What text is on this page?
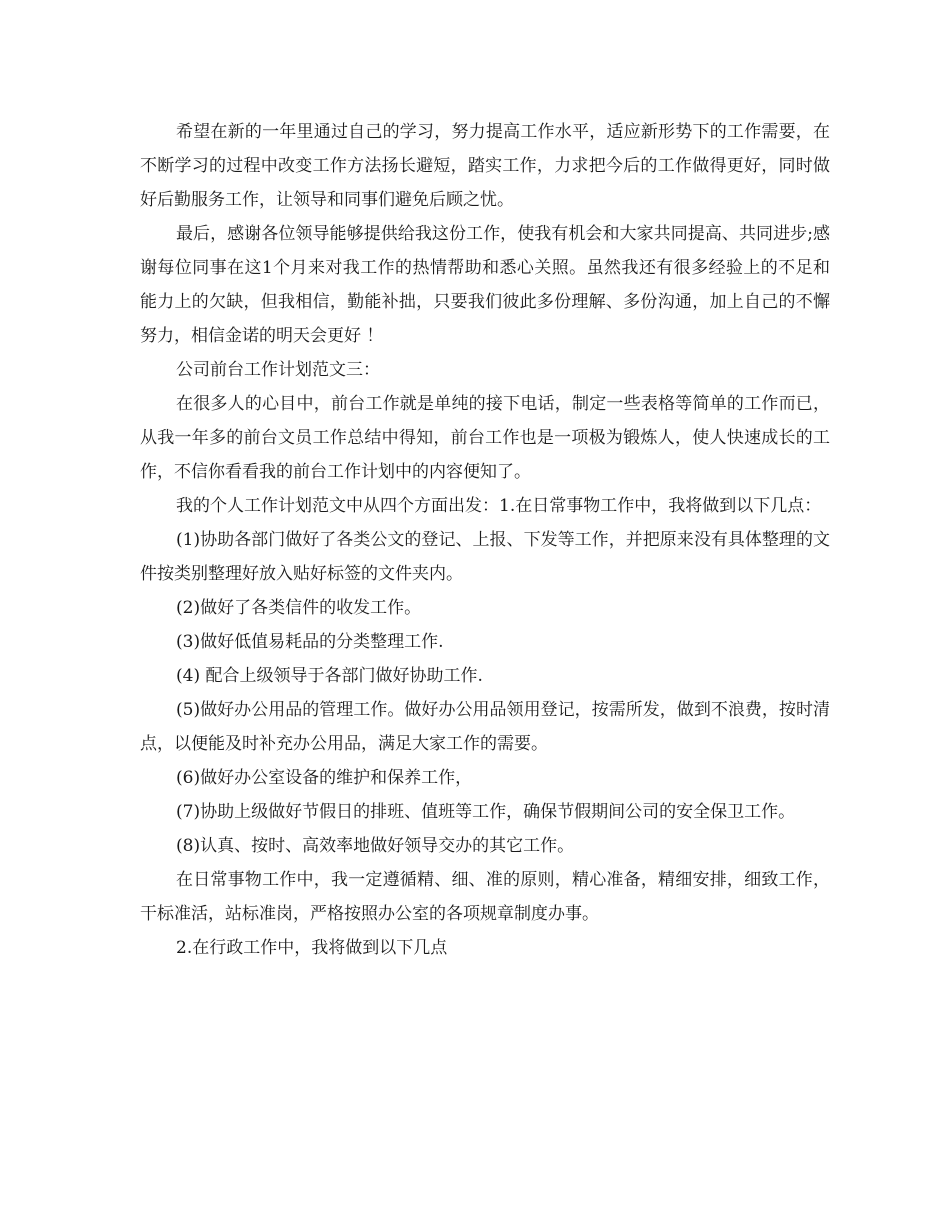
希望在新的一年里通过自己的学习，努力提高工作水平，适应新形势下的工作需要，在不断学习的过程中改变工作方法扬长避短，踏实工作，力求把今后的工作做得更好，同时做好后勤服务工作，让领导和同事们避免后顾之忧。

最后，感谢各位领导能够提供给我这份工作，使我有机会和大家共同提高、共同进步;感谢每位同事在这1个月来对我工作的热情帮助和悉心关照。虽然我还有很多经验上的不足和能力上的欠缺，但我相信，勤能补拙，只要我们彼此多份理解、多份沟通，加上自己的不懈努力，相信金诺的明天会更好 ！

公司前台工作计划范文三：

在很多人的心目中，前台工作就是单纯的接下电话，制定一些表格等简单的工作而已，从我一年多的前台文员工作总结中得知，前台工作也是一项极为锻炼人，使人快速成长的工作，不信你看看我的前台工作计划中的内容便知了。

我的个人工作计划范文中从四个方面出发：1.在日常事物工作中，我将做到以下几点：

(1)协助各部门做好了各类公文的登记、上报、下发等工作，并把原来没有具体整理的文件按类别整理好放入贴好标签的文件夹内。

(2)做好了各类信件的收发工作。

(3)做好低值易耗品的分类整理工作.

(4) 配合上级领导于各部门做好协助工作.

(5)做好办公用品的管理工作。做好办公用品领用登记，按需所发，做到不浪费，按时清点，以便能及时补充办公用品，满足大家工作的需要。

(6)做好办公室设备的维护和保养工作，

(7)协助上级做好节假日的排班、值班等工作，确保节假期间公司的安全保卫工作。

(8)认真、按时、高效率地做好领导交办的其它工作。

在日常事物工作中，我一定遵循精、细、准的原则，精心准备，精细安排，细致工作，干标准活，站标准岗，严格按照办公室的各项规章制度办事。

2.在行政工作中，我将做到以下几点
